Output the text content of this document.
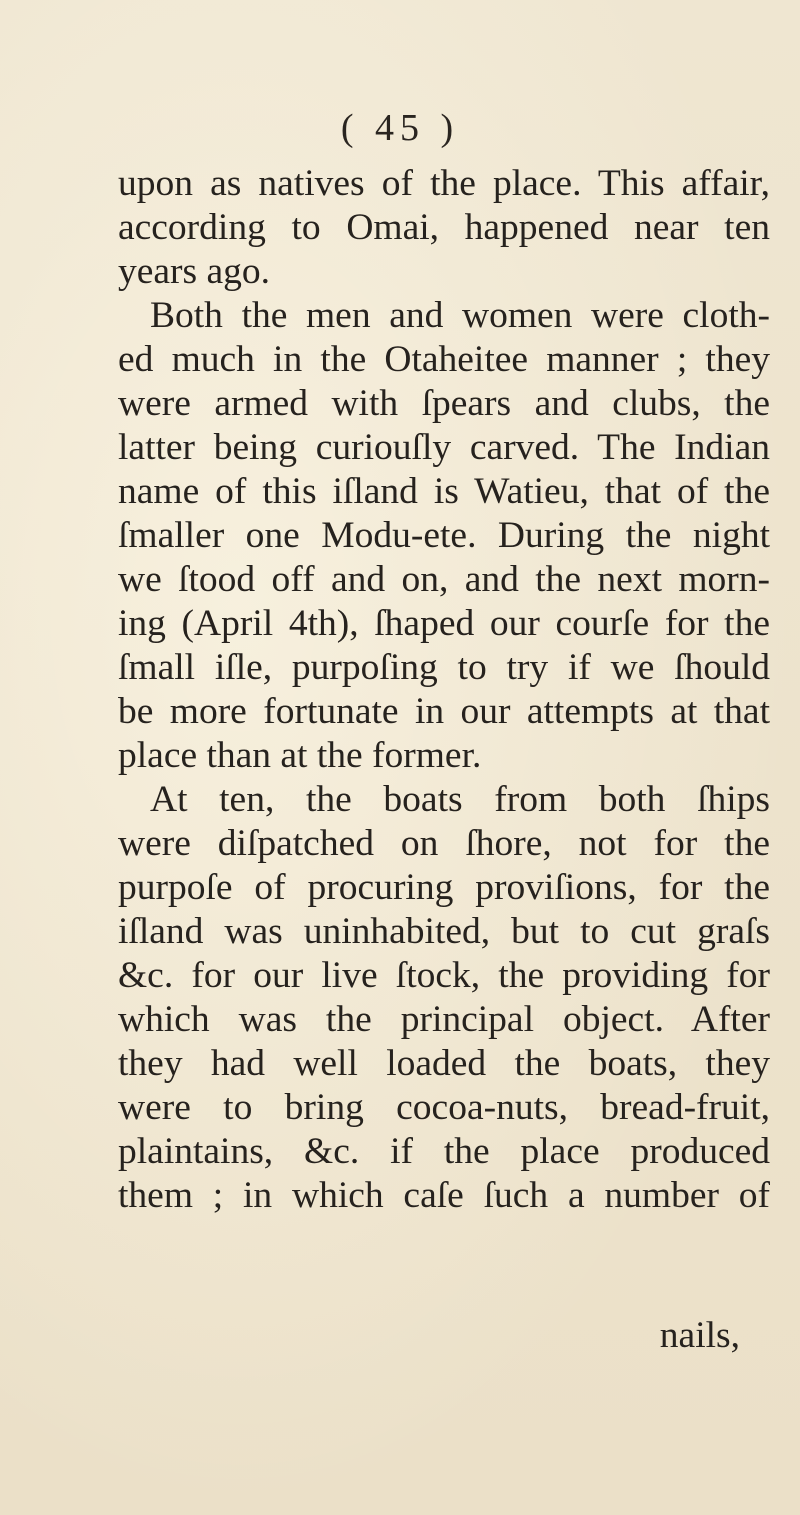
( 45 )
upon as natives of the place. This affair,
according to Omai, happened near ten
years ago.
Both the men and women were cloth-
ed much in the Otaheitee manner ; they
were armed with ſpears and clubs, the
latter being curiouſly carved. The Indian
name of this iſland is Watieu, that of the
ſmaller one Modu-ete. During the night
we ſtood off and on, and the next morn-
ing (April 4th), ſhaped our courſe for the
ſmall iſle, purpoſing to try if we ſhould
be more fortunate in our attempts at that
place than at the former.
At ten, the boats from both ſhips
were diſpatched on ſhore, not for the
purpoſe of procuring proviſions, for the
iſland was uninhabited, but to cut graſs
&c. for our live ſtock, the providing for
which was the principal object. After
they had well loaded the boats, they
were to bring cocoa-nuts, bread-fruit,
plaintains, &c. if the place produced
them ; in which caſe ſuch a number of
nails,
